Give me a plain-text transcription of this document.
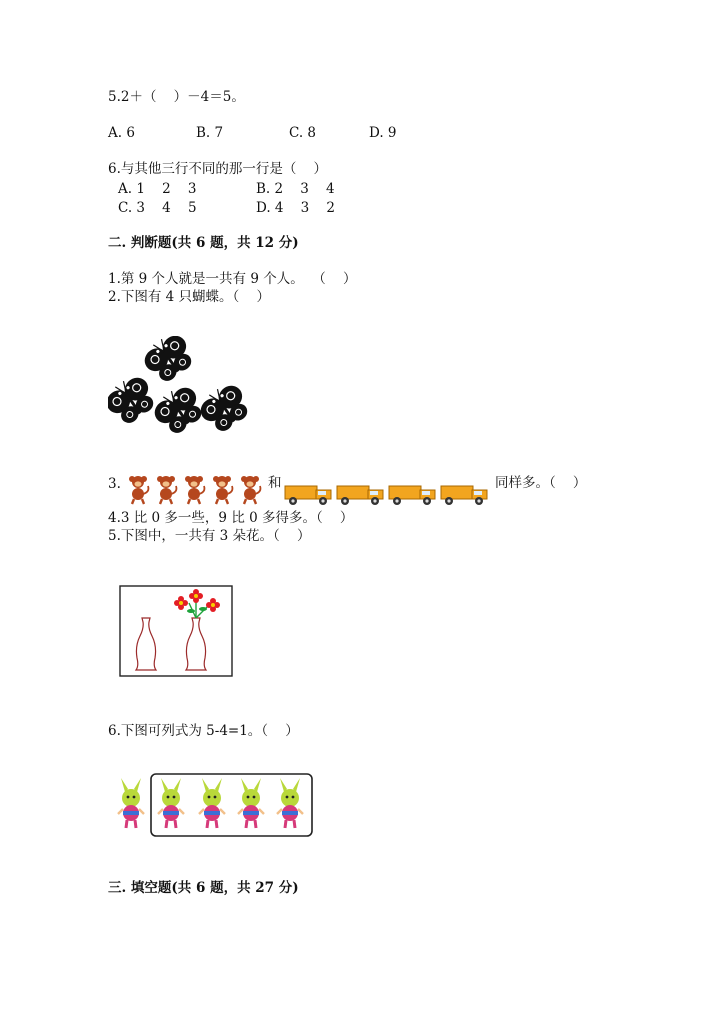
5.2＋（    ）－4＝5。
A. 6	B. 7	C. 8	D. 9
6.与其他三行不同的那一行是（    ）
A. 1    2    3	B. 2    3    4
C. 3    4    5	D. 4    3    2
二. 判断题(共 6 题，共 12 分)
1.第 9 个人就是一共有 9 个人。  （    ）
2.下图有 4 只蝴蝶。（    ）
3.	和	同样多。（    ）
4.3 比 0 多一些，9 比 0 多得多。（    ）
5.下图中，一共有 3 朵花。（    ）
6.下图可列式为 5-4=1。（    ）
三. 填空题(共 6 题，共 27 分)
